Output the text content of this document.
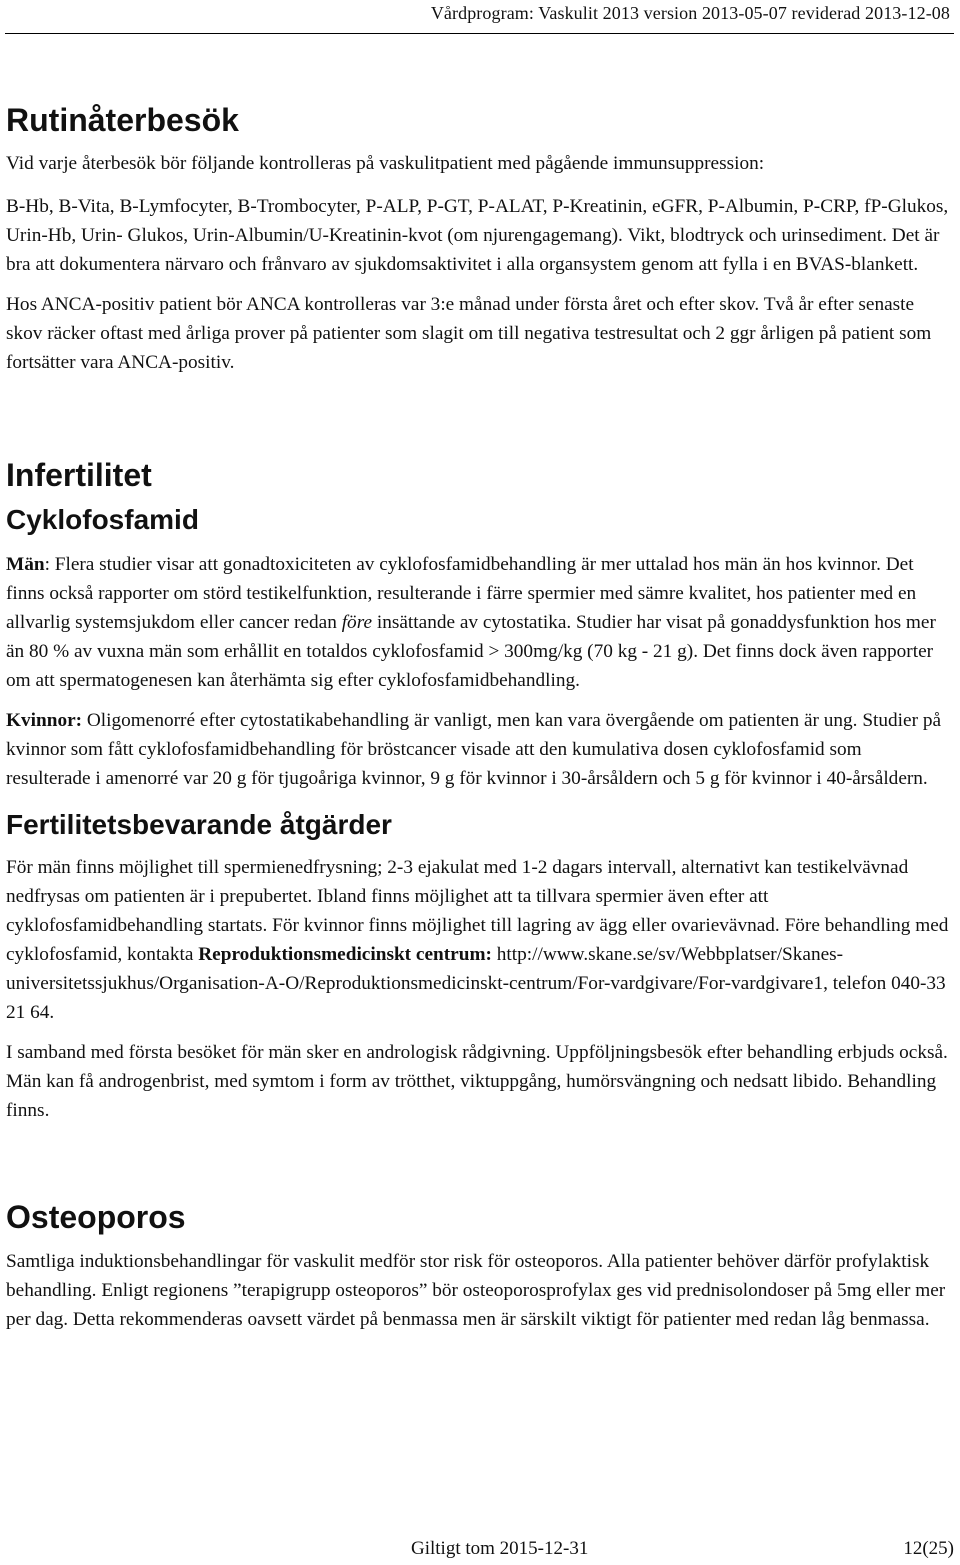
Vårdprogram: Vaskulit 2013 version 2013-05-07 reviderad 2013-12-08
Rutinåterbesök

Vid varje återbesök bör följande kontrolleras på vaskulitpatient med pågående immunsuppression:

B-Hb, B-Vita, B-Lymfocyter, B-Trombocyter, P-ALP, P-GT, P-ALAT, P-Kreatinin, eGFR, P-Albumin, P-CRP, fP-Glukos, Urin-Hb, Urin- Glukos, Urin-Albumin/U-Kreatinin-kvot (om njurengagemang). Vikt, blodtryck och urinsediment. Det är bra att dokumentera närvaro och frånvaro av sjukdomsaktivitet i alla organsystem genom att fylla i en BVAS-blankett.

Hos ANCA-positiv patient bör ANCA kontrolleras var 3:e månad under första året och efter skov. Två år efter senaste skov räcker oftast med årliga prover på patienter som slagit om till negativa testresultat och 2 ggr årligen på patient som fortsätter vara ANCA-positiv.

Infertilitet
Cyklofosfamid

Män: Flera studier visar att gonadtoxiciteten av cyklofosfamidbehandling är mer uttalad hos män än hos kvinnor. Det finns också rapporter om störd testikelfunktion, resulterande i färre spermier med sämre kvalitet, hos patienter med en allvarlig systemsjukdom eller cancer redan före insättande av cytostatika. Studier har visat på gonaddysfunktion hos mer än 80 % av vuxna män som erhållit en totaldos cyklofosfamid > 300mg/kg (70 kg - 21 g). Det finns dock även rapporter om att spermatogenesen kan återhämta sig efter cyklofosfamidbehandling.

Kvinnor: Oligomenorré efter cytostatikabehandling är vanligt, men kan vara övergående om patienten är ung. Studier på kvinnor som fått cyklofosfamidbehandling för bröstcancer visade att den kumulativa dosen cyklofosfamid som resulterade i amenorré var 20 g för tjugoåriga kvinnor, 9 g för kvinnor i 30-årsåldern och 5 g för kvinnor i 40-årsåldern.

Fertilitetsbevarande åtgärder

För män finns möjlighet till spermienedfrysning; 2-3 ejakulat med 1-2 dagars intervall, alternativt kan testikelvävnad nedfrysas om patienten är i prepubertet. Ibland finns möjlighet att ta tillvara spermier även efter att cyklofosfamidbehandling startats. För kvinnor finns möjlighet till lagring av ägg eller ovarievävnad. Före behandling med cyklofosfamid, kontakta Reproduktionsmedicinskt centrum: http://www.skane.se/sv/Webbplatser/Skanes-universitetssjukhus/Organisation-A-O/Reproduktionsmedicinskt-centrum/For-vardgivare/For-vardgivare1, telefon 040-33 21 64.

I samband med första besöket för män sker en andrologisk rådgivning. Uppföljningsbesök efter behandling erbjuds också. Män kan få androgenbrist, med symtom i form av trötthet, viktuppgång, humörsvängning och nedsatt libido. Behandling finns.

Osteoporos

Samtliga induktionsbehandlingar för vaskulit medför stor risk för osteoporos. Alla patienter behöver därför profylaktisk behandling. Enligt regionens ”terapigrupp osteoporos” bör osteoporosprofylax ges vid prednisolondoser på 5mg eller mer per dag. Detta rekommenderas oavsett värdet på benmassa men är särskilt viktigt för patienter med redan låg benmassa.

Giltigt tom 2015-12-31	12(25)
